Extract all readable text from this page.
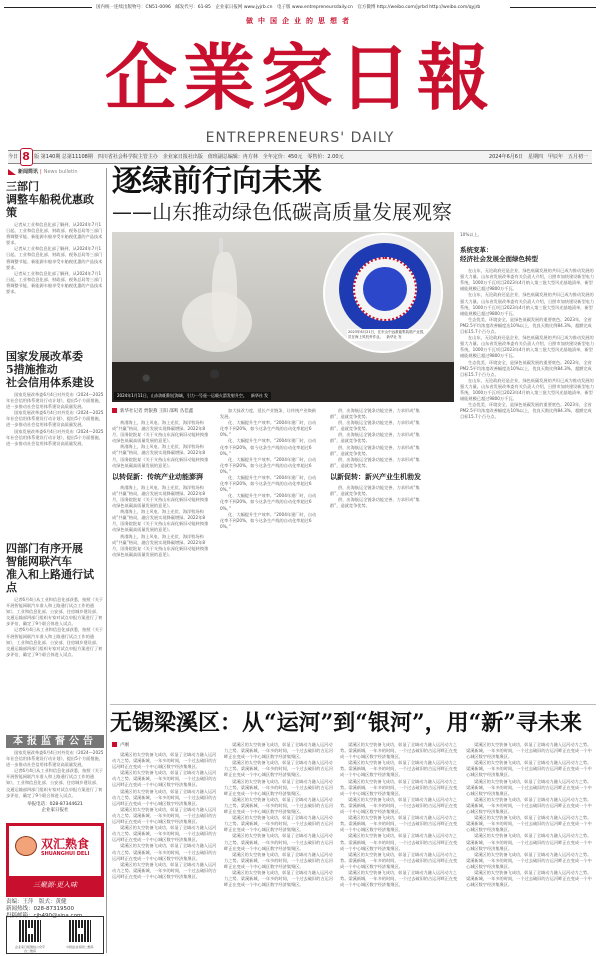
国内统一连续出版物号：CN51-0096　邮发代号：61-85　企业家日报网 www.jyjrb.cn　电子版 www.entrepreneursdaily.cn　官方微博 http://weibo.com/jyrbd http://weibo.com/qyjrb
做中国企业的思想者
企業家日報
ENTREPRENEURS' DAILY
今日 8 版 第140期 总第11108期　四川省社会科学院主管主办　企业家日报社出版　值班副总编辑：冉方林　全年定价：450元　零售价：2.00元	2024年6月6日　星期四　甲辰年　五月初一
新闻简讯 | News bulletin
三部门
调整车船税优惠政策

记者从工业和信息化部了解到，从2024年7月1日起，工业和信息化部、财政部、税务总局等三部门将调整节能、新能源车船享受车船税优惠的产品技术要求。

记者从工业和信息化部了解到，从2024年7月1日起，工业和信息化部、财政部、税务总局等三部门将调整节能、新能源车船享受车船税优惠的产品技术要求。

记者从工业和信息化部了解到，从2024年7月1日起，工业和信息化部、财政部、税务总局等三部门将调整节能、新能源车船享受车船税优惠的产品技术要求。

国家发展改革委
5措施推动
社会信用体系建设

国家发展改革委6月4日对外发布《2024—2025年社会信用体系建设行动计划》，提出5个方面措施，进一步推动社会信用体系建设高质量发展。

国家发展改革委6月4日对外发布《2024—2025年社会信用体系建设行动计划》，提出5个方面措施，进一步推动社会信用体系建设高质量发展。

国家发展改革委6月4日对外发布《2024—2025年社会信用体系建设行动计划》，提出5个方面措施，进一步推动社会信用体系建设高质量发展。

四部门有序开展
智能网联汽车
准入和上路通行试点

记者6月4日从工业和信息化部获悉，按照《关于开展智能网联汽车准入和上路通行试点工作的通知》，工业和信息化部、公安部、住房城乡建设部、交通运输部四部门组织专家对试点申报方案进行了初步评估，确定了9个联合体进入试点。

记者6月4日从工业和信息化部获悉，按照《关于开展智能网联汽车准入和上路通行试点工作的通知》，工业和信息化部、公安部、住房城乡建设部、交通运输部四部门组织专家对试点申报方案进行了初步评估，确定了9个联合体进入试点。

本报监督公告

国家发展改革委6月4日对外发布《2024—2025年社会信用体系建设行动计划》，提出5个方面措施，进一步推动社会信用体系建设高质量发展。

记者6月4日从工业和信息化部获悉，按照《关于开展智能网联汽车准入和上路通行试点工作的通知》，工业和信息化部、公安部、住房城乡建设部、交通运输部四部门组织专家对试点申报方案进行了初步评估，确定了9个联合体进入试点。

举报电话：028-87344621
企业家日报社
双汇熟食
SHUANGHUI DELI
三聚源·更入味
责编：王萍　版式：黄健
新闻热线：028-87319500
投稿邮箱：cjb490@sina.com
企业家日报微信公众平台二维码
中国企业家网二维码
逐绿前行向未来
——山东推动绿色低碳高质量发展观察
2024年1月11日，山东海阳附近海域，引力一号遥一运载火箭发射升空。　新华社 发
2023年6月21日，在东山中远重能集装箱产业园，工作人员在海上风机旁作业。　新华社 发

10%以上。

系统变革：
经济社会发展全面绿色转型

在山东，无论政府还是企业，绿色低碳发展的共识已成为推动发展的强大力量。山东省发展改革委有关负责人介绍，日照市加快建设新型电力系统，1000万千瓦项目2023年4月纳入第三批大型风光基地清单，新型储能规模已超过9800万千瓦。

在山东，无论政府还是企业，绿色低碳发展的共识已成为推动发展的强大力量。山东省发展改革委有关负责人介绍，日照市加快建设新型电力系统，1000万千瓦项目2023年4月纳入第三批大型风光基地清单，新型储能规模已超过9800万千瓦。

生态优美、环境安全，是绿色低碳发展的重要底色。2023年，全省PM2.5平均浓度改善幅度达10%以上，优良天数比例84.3%，超额完成目标15.7个百分点。

在山东，无论政府还是企业，绿色低碳发展的共识已成为推动发展的强大力量。山东省发展改革委有关负责人介绍，日照市加快建设新型电力系统，1000万千瓦项目2023年4月纳入第三批大型风光基地清单，新型储能规模已超过9800万千瓦。

生态优美、环境安全，是绿色低碳发展的重要底色。2023年，全省PM2.5平均浓度改善幅度达10%以上，优良天数比例84.3%，超额完成目标15.7个百分点。

在山东，无论政府还是企业，绿色低碳发展的共识已成为推动发展的强大力量。山东省发展改革委有关负责人介绍，日照市加快建设新型电力系统，1000万千瓦项目2023年4月纳入第三批大型风光基地清单，新型储能规模已超过9800万千瓦。

生态优美、环境安全，是绿色低碳发展的重要底色。2023年，全省PM2.5平均浓度改善幅度达10%以上，优良天数比例84.3%，超额完成目标15.7个百分点。

新华社记者 贾银燕 王阳 邵鸣 丛佳鑫

黄渤海上，海上风电、海上光伏、海洋牧场构成“共赢”格局，融合发展实现降碳增绿。2022年8月，国务院批复《关于支持山东深化新旧动能转换推动绿色低碳高质量发展的意见》。

黄渤海上，海上风电、海上光伏、海洋牧场构成“共赢”格局，融合发展实现降碳增绿。2022年8月，国务院批复《关于支持山东深化新旧动能转换推动绿色低碳高质量发展的意见》。

以转促新：传统产业动能澎湃

黄渤海上，海上风电、海上光伏、海洋牧场构成“共赢”格局，融合发展实现降碳增绿。2022年8月，国务院批复《关于支持山东深化新旧动能转换推动绿色低碳高质量发展的意见》。

黄渤海上，海上风电、海上光伏、海洋牧场构成“共赢”格局，融合发展实现降碳增绿。2022年8月，国务院批复《关于支持山东深化新旧动能转换推动绿色低碳高质量发展的意见》。

黄渤海上，海上风电、海上光伏、海洋牧场构成“共赢”格局，融合发展实现降碳增绿。2022年8月，国务院批复《关于支持山东深化新旧动能转换推动绿色低碳高质量发展的意见》。

加大技改力度，延长产业链条，让传统产业焕新发展。

化、大幅提升生产效率。“2004年建厂时，自动化率不到20%，如今这条生产线的自动化率超过60%。”

化、大幅提升生产效率。“2004年建厂时，自动化率不到20%，如今这条生产线的自动化率超过60%。”

化、大幅提升生产效率。“2004年建厂时，自动化率不到20%，如今这条生产线的自动化率超过60%。”

化、大幅提升生产效率。“2004年建厂时，自动化率不到20%，如今这条生产线的自动化率超过60%。”

化、大幅提升生产效率。“2004年建厂时，自动化率不到20%，如今这条生产线的自动化率超过60%。”

化、大幅提升生产效率。“2004年建厂时，自动化率不到20%，如今这条生产线的自动化率超过60%。”

供，出海航运全链条功能完善，力求形成“集群”，造就竞争优势。

供，出海航运全链条功能完善，力求形成“集群”，造就竞争优势。

供，出海航运全链条功能完善，力求形成“集群”，造就竞争优势。

供，出海航运全链条功能完善，力求形成“集群”，造就竞争优势。

供，出海航运全链条功能完善，力求形成“集群”，造就竞争优势。

以新促转：新兴产业生机勃发

供，出海航运全链条功能完善，力求形成“集群”，造就竞争优势。

供，出海航运全链条功能完善，力求形成“集群”，造就竞争优势。

无锡梁溪区：从“运河”到“银河”，用“新”寻未来
卢刚

梁溪区的太空装备飞成功，彰显了全域动力融入运河动力之势。梁溪新城，一年多的时间，一个过去破旧的古运河畔正在变成一个中心城区数字经济集聚区。

梁溪区的太空装备飞成功，彰显了全域动力融入运河动力之势。梁溪新城，一年多的时间，一个过去破旧的古运河畔正在变成一个中心城区数字经济集聚区。

梁溪区的太空装备飞成功，彰显了全域动力融入运河动力之势。梁溪新城，一年多的时间，一个过去破旧的古运河畔正在变成一个中心城区数字经济集聚区。

梁溪区的太空装备飞成功，彰显了全域动力融入运河动力之势。梁溪新城，一年多的时间，一个过去破旧的古运河畔正在变成一个中心城区数字经济集聚区。

梁溪区的太空装备飞成功，彰显了全域动力融入运河动力之势。梁溪新城，一年多的时间，一个过去破旧的古运河畔正在变成一个中心城区数字经济集聚区。

梁溪区的太空装备飞成功，彰显了全域动力融入运河动力之势。梁溪新城，一年多的时间，一个过去破旧的古运河畔正在变成一个中心城区数字经济集聚区。

梁溪区的太空装备飞成功，彰显了全域动力融入运河动力之势。梁溪新城，一年多的时间，一个过去破旧的古运河畔正在变成一个中心城区数字经济集聚区。

梁溪区的太空装备飞成功，彰显了全域动力融入运河动力之势。梁溪新城，一年多的时间，一个过去破旧的古运河畔正在变成一个中心城区数字经济集聚区。

梁溪区的太空装备飞成功，彰显了全域动力融入运河动力之势。梁溪新城，一年多的时间，一个过去破旧的古运河畔正在变成一个中心城区数字经济集聚区。

梁溪区的太空装备飞成功，彰显了全域动力融入运河动力之势。梁溪新城，一年多的时间，一个过去破旧的古运河畔正在变成一个中心城区数字经济集聚区。

梁溪区的太空装备飞成功，彰显了全域动力融入运河动力之势。梁溪新城，一年多的时间，一个过去破旧的古运河畔正在变成一个中心城区数字经济集聚区。

梁溪区的太空装备飞成功，彰显了全域动力融入运河动力之势。梁溪新城，一年多的时间，一个过去破旧的古运河畔正在变成一个中心城区数字经济集聚区。

梁溪区的太空装备飞成功，彰显了全域动力融入运河动力之势。梁溪新城，一年多的时间，一个过去破旧的古运河畔正在变成一个中心城区数字经济集聚区。

梁溪区的太空装备飞成功，彰显了全域动力融入运河动力之势。梁溪新城，一年多的时间，一个过去破旧的古运河畔正在变成一个中心城区数字经济集聚区。

梁溪区的太空装备飞成功，彰显了全域动力融入运河动力之势。梁溪新城，一年多的时间，一个过去破旧的古运河畔正在变成一个中心城区数字经济集聚区。

梁溪区的太空装备飞成功，彰显了全域动力融入运河动力之势。梁溪新城，一年多的时间，一个过去破旧的古运河畔正在变成一个中心城区数字经济集聚区。

梁溪区的太空装备飞成功，彰显了全域动力融入运河动力之势。梁溪新城，一年多的时间，一个过去破旧的古运河畔正在变成一个中心城区数字经济集聚区。

梁溪区的太空装备飞成功，彰显了全域动力融入运河动力之势。梁溪新城，一年多的时间，一个过去破旧的古运河畔正在变成一个中心城区数字经济集聚区。

梁溪区的太空装备飞成功，彰显了全域动力融入运河动力之势。梁溪新城，一年多的时间，一个过去破旧的古运河畔正在变成一个中心城区数字经济集聚区。

梁溪区的太空装备飞成功，彰显了全域动力融入运河动力之势。梁溪新城，一年多的时间，一个过去破旧的古运河畔正在变成一个中心城区数字经济集聚区。

梁溪区的太空装备飞成功，彰显了全域动力融入运河动力之势。梁溪新城，一年多的时间，一个过去破旧的古运河畔正在变成一个中心城区数字经济集聚区。

梁溪区的太空装备飞成功，彰显了全域动力融入运河动力之势。梁溪新城，一年多的时间，一个过去破旧的古运河畔正在变成一个中心城区数字经济集聚区。

梁溪区的太空装备飞成功，彰显了全域动力融入运河动力之势。梁溪新城，一年多的时间，一个过去破旧的古运河畔正在变成一个中心城区数字经济集聚区。

梁溪区的太空装备飞成功，彰显了全域动力融入运河动力之势。梁溪新城，一年多的时间，一个过去破旧的古运河畔正在变成一个中心城区数字经济集聚区。

梁溪区的太空装备飞成功，彰显了全域动力融入运河动力之势。梁溪新城，一年多的时间，一个过去破旧的古运河畔正在变成一个中心城区数字经济集聚区。

梁溪区的太空装备飞成功，彰显了全域动力融入运河动力之势。梁溪新城，一年多的时间，一个过去破旧的古运河畔正在变成一个中心城区数字经济集聚区。

梁溪区的太空装备飞成功，彰显了全域动力融入运河动力之势。梁溪新城，一年多的时间，一个过去破旧的古运河畔正在变成一个中心城区数字经济集聚区。

梁溪区的太空装备飞成功，彰显了全域动力融入运河动力之势。梁溪新城，一年多的时间，一个过去破旧的古运河畔正在变成一个中心城区数字经济集聚区。

梁溪区的太空装备飞成功，彰显了全域动力融入运河动力之势。梁溪新城，一年多的时间，一个过去破旧的古运河畔正在变成一个中心城区数字经济集聚区。

梁溪区的太空装备飞成功，彰显了全域动力融入运河动力之势。梁溪新城，一年多的时间，一个过去破旧的古运河畔正在变成一个中心城区数字经济集聚区。

梁溪区的太空装备飞成功，彰显了全域动力融入运河动力之势。梁溪新城，一年多的时间，一个过去破旧的古运河畔正在变成一个中心城区数字经济集聚区。
